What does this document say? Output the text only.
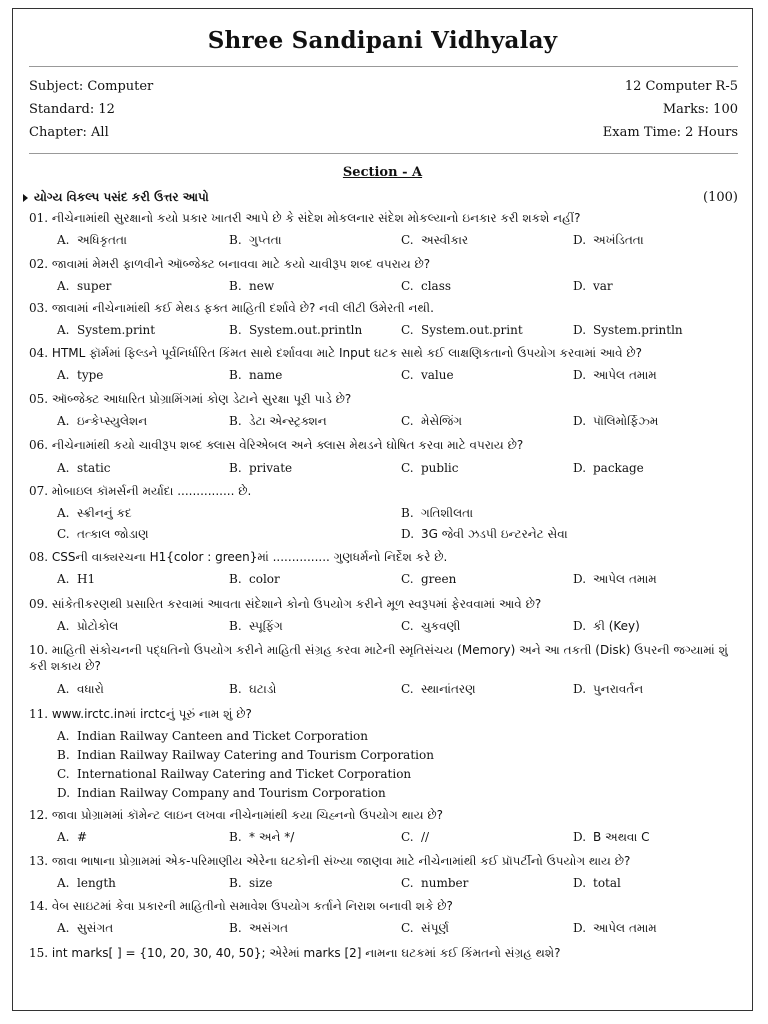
Shree Sandipani Vidhyalay
Subject: Computer	12 Computer R-5
Standard: 12	Marks: 100
Chapter: All	Exam Time: 2 Hours
Section - A
યોગ્ય વિકલ્પ પસંદ કરી ઉત્તર આપો	(100)
01. નીચેનામાંથી સુરક્ષાનો કયો પ્રકાર ખાતરી આપે છે કે સંદેશ મોકલનાર સંદેશ મોકલ્યાનો ઇનકાર કરી શકશે નહીં?
A. અધિકૃતતા	B. ગુપ્તતા	C. અસ્વીકાર	D. અખંડિતતા
02. જાવામાં મેમરી ફાળવીને ઑબ્જેક્ટ બનાવવા માટે કયો ચાવીરૂપ શબ્દ વપરાય છે?
A. super	B. new	C. class	D. var
03. જાવામાં નીચેનામાંથી કઈ મેથડ ફક્ત માહિતી દર્શાવે છે? નવી લીટી ઉમેરતી નથી.
A. System.print	B. System.out.println	C. System.out.print	D. System.println
04. HTML ફૉર્મમાં ફિલ્ડને પૂર્વનિર્ધારિત કિંમત સાથે દર્શાવવા માટે Input ઘટક સાથે કઈ લાક્ષણિકતાનો ઉપયોગ કરવામાં આવે છે?
A. type	B. name	C. value	D. આપેલ તમામ
05. ઑબ્જેક્ટ આધારિત પ્રોગ્રામિંગમાં કોણ ડેટાને સુરક્ષા પૂરી પાડે છે?
A. ઇન્કેપ્સ્યુલેશન	B. ડેટા એન્સ્ટ્રક્શન	C. મેસેજિંગ	D. પૉલિમોર્ફિઝ્મ
06. નીચેનામાંથી કયો ચાવીરૂપ શબ્દ ક્લાસ વેરિએબલ અને ક્લાસ મેથડને ઘોષિત કરવા માટે વપરાય છે?
A. static	B. private	C. public	D. package
07. મોબાઇલ કૉમર્સની મર્યાદા ............... છે.
A. સ્ક્રીનનું કદ	B. ગતિશીલતા
C. તત્કાલ જોડાણ	D. 3G જેવી ઝડપી ઇન્ટરનેટ સેવા
08. CSSની વાક્યરચના H1{color : green}માં ............... ગુણધર્મનો નિર્દેશ કરે છે.
A. H1	B. color	C. green	D. આપેલ તમામ
09. સાંકેતીકરણથી પ્રસારિત કરવામાં આવતા સંદેશાને કોનો ઉપયોગ કરીને મૂળ સ્વરૂપમાં ફેરવવામાં આવે છે?
A. પ્રોટોકોલ	B. સ્પૂફિંગ	C. ચુકવણી	D. કી (Key)
10. માહિતી સંકોચનની પદ્ધતિનો ઉપયોગ કરીને માહિતી સંગ્રહ કરવા માટેની સ્મૃતિસંચય (Memory) અને આ તકતી (Disk) ઉપરની જગ્યામાં શું કરી શકાય છે?
A. વધારો	B. ઘટાડો	C. સ્થાનાંતરણ	D. પુનરાવર્તન
11. www.irctc.inમાં irctcનું પૂરું નામ શું છે?
A. Indian Railway Canteen and Ticket Corporation
B. Indian Railway Railway Catering and Tourism Corporation
C. International Railway Catering and Ticket Corporation
D. Indian Railway Company and Tourism Corporation
12. જાવા પ્રોગ્રામમાં કૉમેન્ટ લાઇન લખવા નીચેનામાંથી કયા ચિહ્નનો ઉપયોગ થાય છે?
A. #	B. * અને */	C. //	D. B અથવા C
13. જાવા ભાષાના પ્રોગ્રામમાં એક-પરિમાણીય એરેના ઘટકોની સંખ્યા જાણવા માટે નીચેનામાંથી કઈ પ્રૉપર્ટીનો ઉપયોગ થાય છે?
A. length	B. size	C. number	D. total
14. વેબ સાઇટમાં કેવા પ્રકારની માહિતીનો સમાવેશ ઉપયોગ કર્તાને નિરાશ બનાવી શકે છે?
A. સુસંગત	B. અસંગત	C. સંપૂર્ણ	D. આપેલ તમામ
15. int marks[ ] = {10, 20, 30, 40, 50}; એરેમાં marks [2] નામના ઘટકમાં કઈ કિંમતનો સંગ્રહ થશે?
